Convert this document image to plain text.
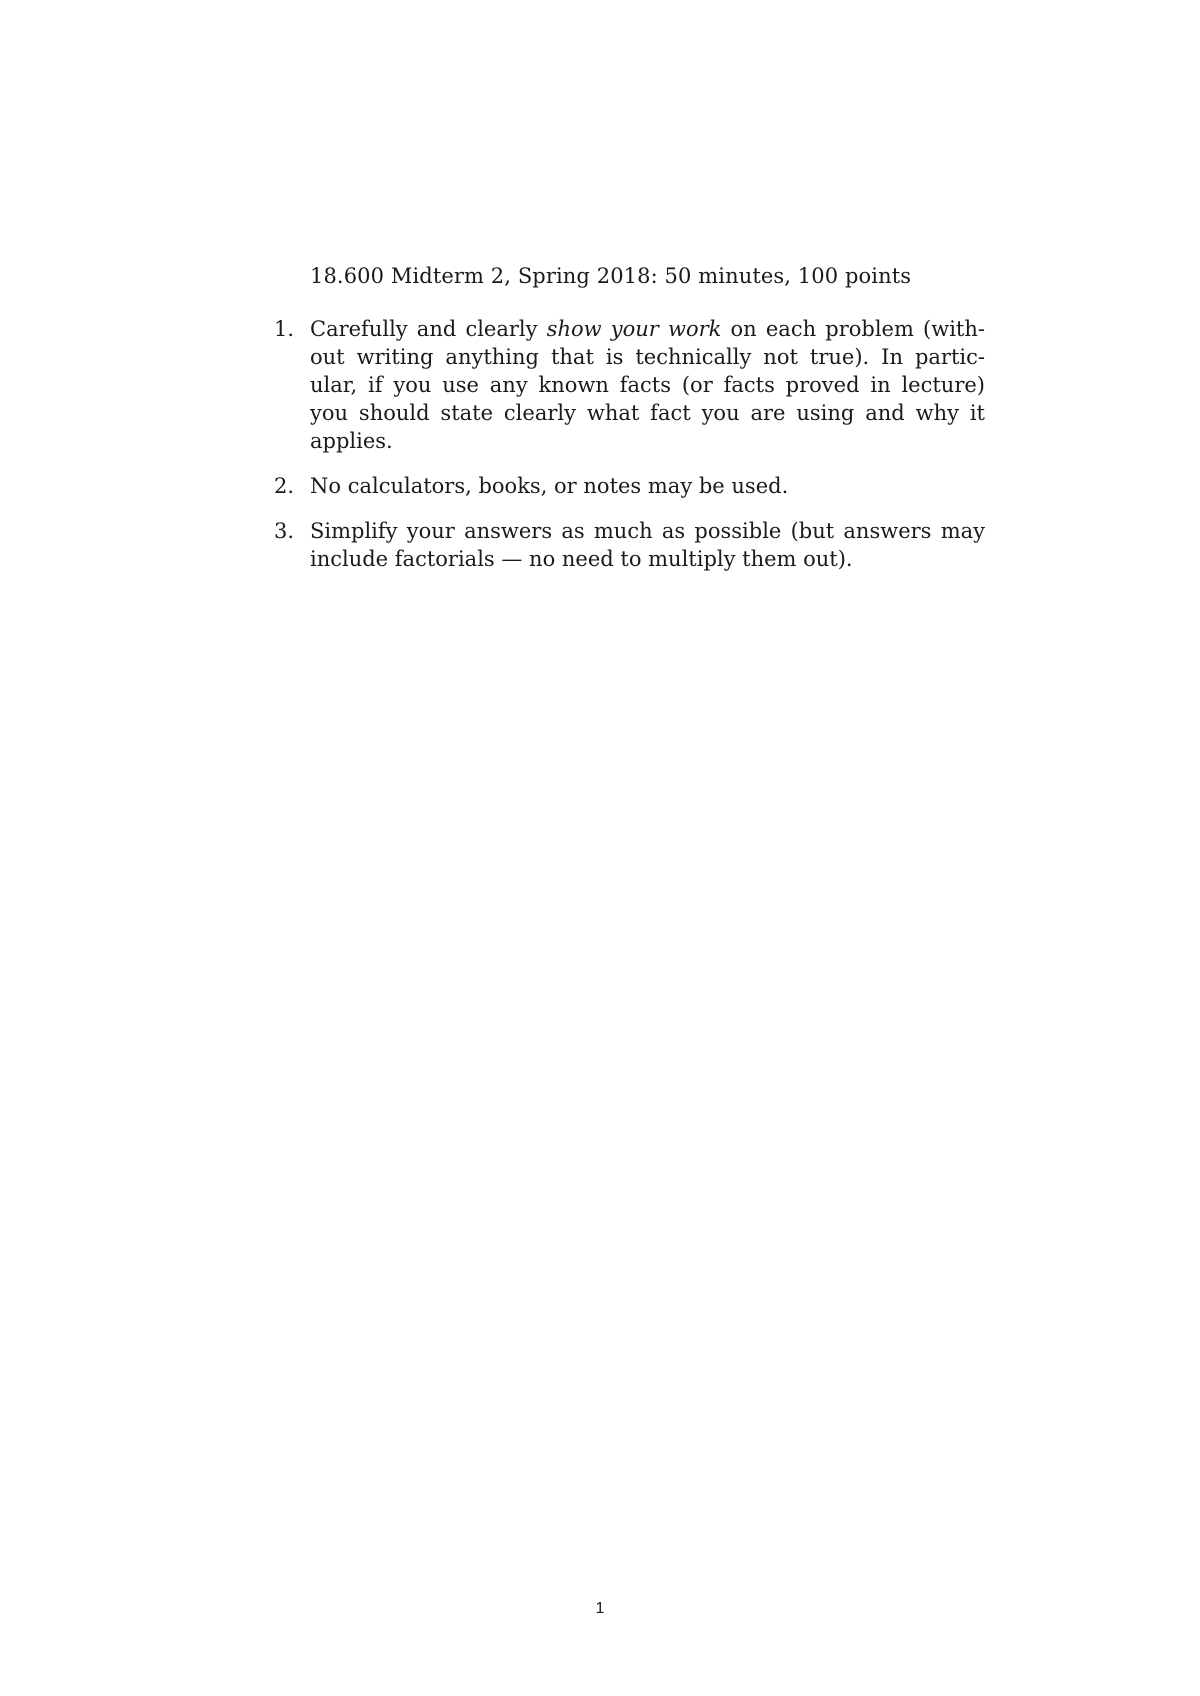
18.600 Midterm 2, Spring 2018: 50 minutes, 100 points
1. Carefully and clearly show your work on each problem (with-
out writing anything that is technically not true). In partic-
ular, if you use any known facts (or facts proved in lecture)
you should state clearly what fact you are using and why it
applies.
2. No calculators, books, or notes may be used.
3. Simplify your answers as much as possible (but answers may
include factorials — no need to multiply them out).
1
